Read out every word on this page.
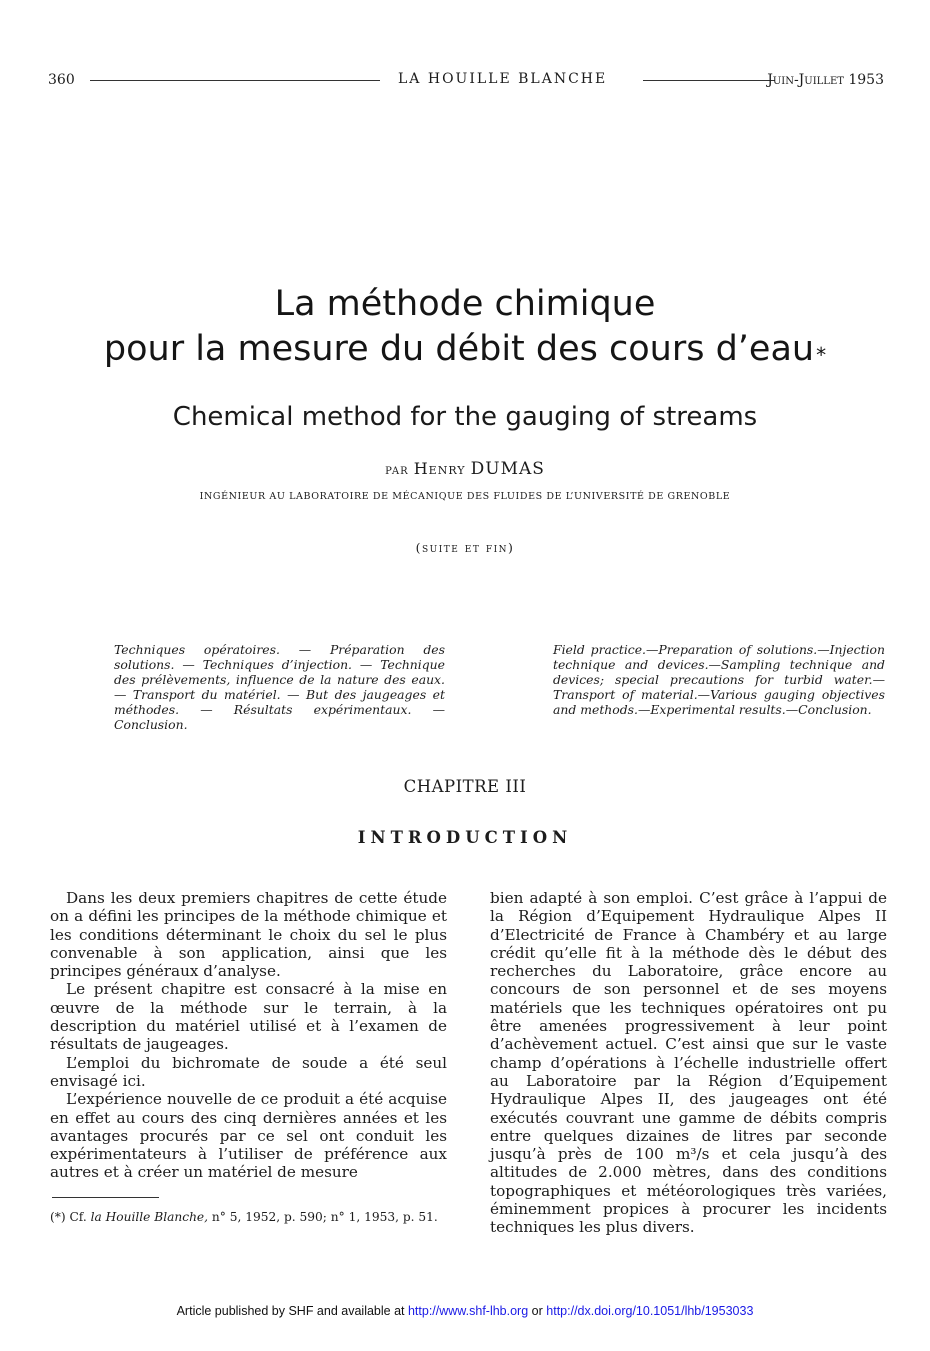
360	LA HOUILLE BLANCHE	Juin-Juillet 1953
La méthode chimique
pour la mesure du débit des cours d’eau *
Chemical method for the gauging of streams
par Henry DUMAS
INGÉNIEUR AU LABORATOIRE DE MÉCANIQUE DES FLUIDES DE L’UNIVERSITÉ DE GRENOBLE
(suite et fin)

Techniques opératoires. — Préparation des solutions. — Techniques d’injection. — Technique des prélèvements, influence de la nature des eaux. — Transport du matériel. — But des jaugeages et méthodes. — Résultats expérimentaux. — Conclusion.

Field practice.—Preparation of solutions.—Injection technique and devices.—Sampling technique and devices; special precautions for turbid water.—Transport of material.—Various gauging objectives and methods.—Experimental results.—Conclusion.

CHAPITRE III
INTRODUCTION

Dans les deux premiers chapitres de cette étude on a défini les principes de la méthode chimique et les conditions déterminant le choix du sel le plus convenable à son application, ainsi que les principes généraux d’analyse.

Le présent chapitre est consacré à la mise en œuvre de la méthode sur le terrain, à la description du matériel utilisé et à l’examen de résultats de jaugeages.

L’emploi du bichromate de soude a été seul envisagé ici.

L’expérience nouvelle de ce produit a été acquise en effet au cours des cinq dernières années et les avantages procurés par ce sel ont conduit les expérimentateurs à l’utiliser de préférence aux autres et à créer un matériel de mesure

bien adapté à son emploi. C’est grâce à l’appui de la Région d’Equipement Hydraulique Alpes II d’Electricité de France à Chambéry et au large crédit qu’elle fit à la méthode dès le début des recherches du Laboratoire, grâce encore au concours de son personnel et de ses moyens matériels que les techniques opératoires ont pu être amenées progressivement à leur point d’achèvement actuel. C’est ainsi que sur le vaste champ d’opérations à l’échelle industrielle offert au Laboratoire par la Région d’Equipement Hydraulique Alpes II, des jaugeages ont été exécutés couvrant une gamme de débits compris entre quelques dizaines de litres par seconde jusqu’à près de 100 m³/s et cela jusqu’à des altitudes de 2.000 mètres, dans des conditions topographiques et météorologiques très variées, éminemment propices à procurer les incidents techniques les plus divers.

(*) Cf. la Houille Blanche, n° 5, 1952, p. 590; n° 1, 1953, p. 51.

Article published by SHF and available at http://www.shf-lhb.org or http://dx.doi.org/10.1051/lhb/1953033
